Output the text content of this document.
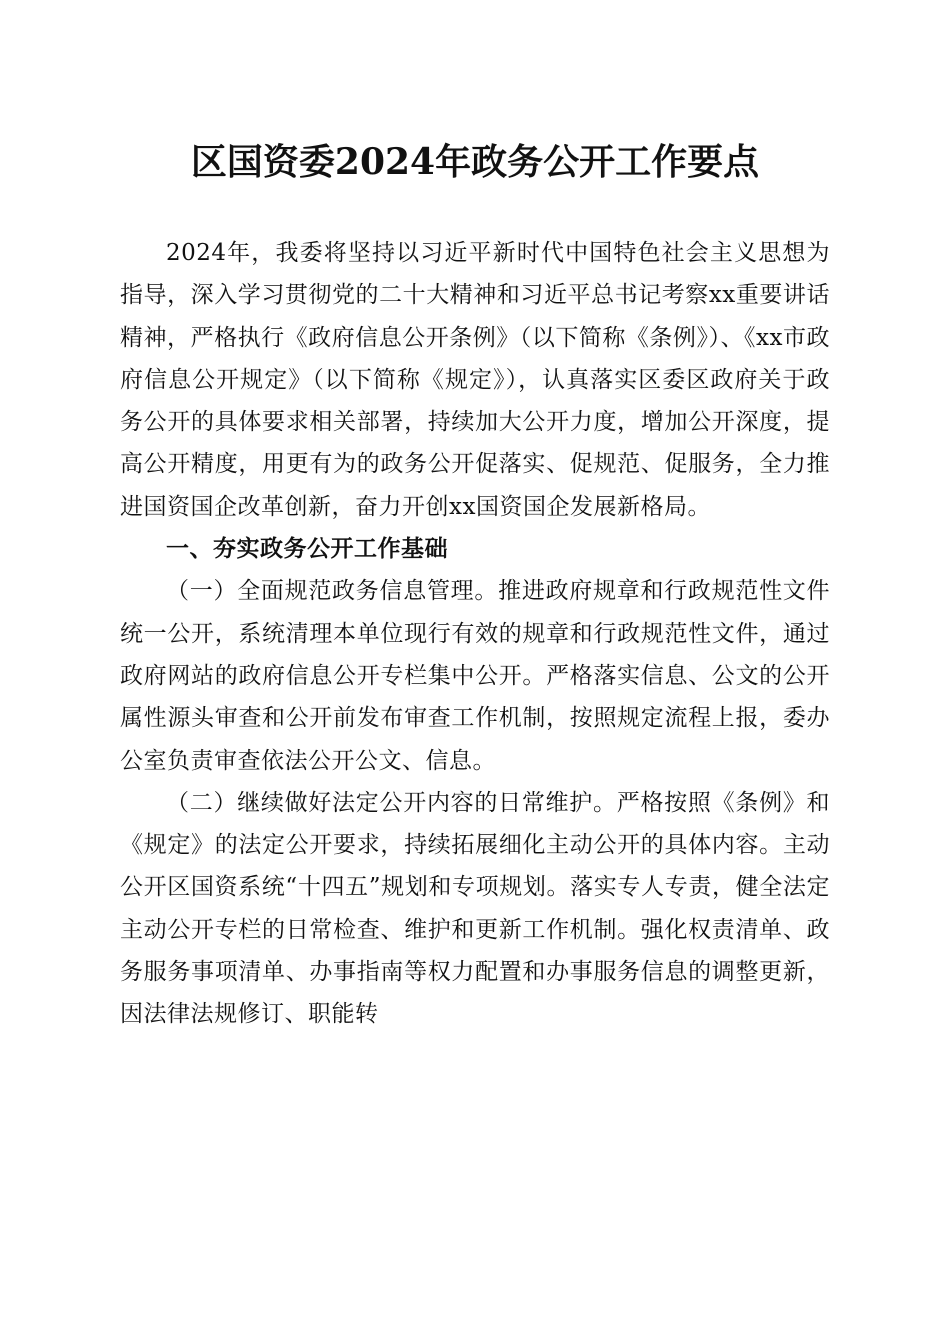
区国资委2024年政务公开工作要点

2024年，我委将坚持以习近平新时代中国特色社会主义思想为指导，深入学习贯彻党的二十大精神和习近平总书记考察xx重要讲话精神，严格执行《政府信息公开条例》（以下简称《条例》）、《xx市政府信息公开规定》（以下简称《规定》），认真落实区委区政府关于政务公开的具体要求相关部署，持续加大公开力度，增加公开深度，提高公开精度，用更有为的政务公开促落实、促规范、促服务，全力推进国资国企改革创新，奋力开创xx国资国企发展新格局。

一、夯实政务公开工作基础

（一）全面规范政务信息管理。推进政府规章和行政规范性文件统一公开，系统清理本单位现行有效的规章和行政规范性文件，通过政府网站的政府信息公开专栏集中公开。严格落实信息、公文的公开属性源头审查和公开前发布审查工作机制，按照规定流程上报，委办公室负责审查依法公开公文、信息。

（二）继续做好法定公开内容的日常维护。严格按照《条例》和《规定》的法定公开要求，持续拓展细化主动公开的具体内容。主动公开区国资系统“十四五”规划和专项规划。落实专人专责，健全法定主动公开专栏的日常检查、维护和更新工作机制。强化权责清单、政务服务事项清单、办事指南等权力配置和办事服务信息的调整更新，因法律法规修订、职能转
